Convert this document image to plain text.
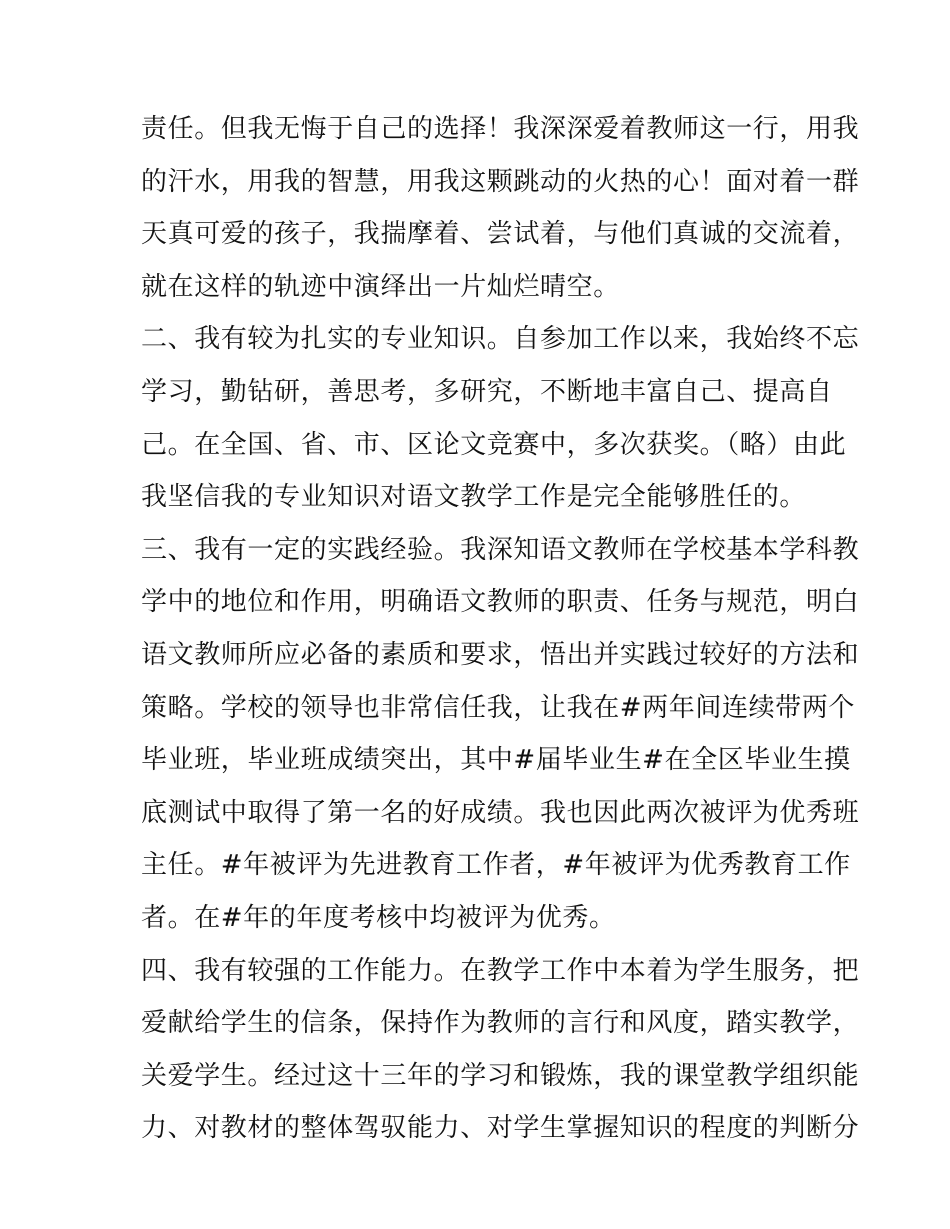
责任。但我无悔于自己的选择！我深深爱着教师这一行，用我
的汗水，用我的智慧，用我这颗跳动的火热的心！面对着一群
天真可爱的孩子，我揣摩着、尝试着，与他们真诚的交流着，
就在这样的轨迹中演绎出一片灿烂晴空。
二、我有较为扎实的专业知识。自参加工作以来，我始终不忘
学习，勤钻研，善思考，多研究，不断地丰富自己、提高自
己。在全国、省、市、区论文竞赛中，多次获奖。（略）由此
我坚信我的专业知识对语文教学工作是完全能够胜任的。
三、我有一定的实践经验。我深知语文教师在学校基本学科教
学中的地位和作用，明确语文教师的职责、任务与规范，明白
语文教师所应必备的素质和要求，悟出并实践过较好的方法和
策略。学校的领导也非常信任我，让我在#两年间连续带两个
毕业班，毕业班成绩突出，其中#届毕业生#在全区毕业生摸
底测试中取得了第一名的好成绩。我也因此两次被评为优秀班
主任。#年被评为先进教育工作者，#年被评为优秀教育工作
者。在#年的年度考核中均被评为优秀。
四、我有较强的工作能力。在教学工作中本着为学生服务，把
爱献给学生的信条，保持作为教师的言行和风度，踏实教学，
关爱学生。经过这十三年的学习和锻炼，我的课堂教学组织能
力、对教材的整体驾驭能力、对学生掌握知识的程度的判断分
